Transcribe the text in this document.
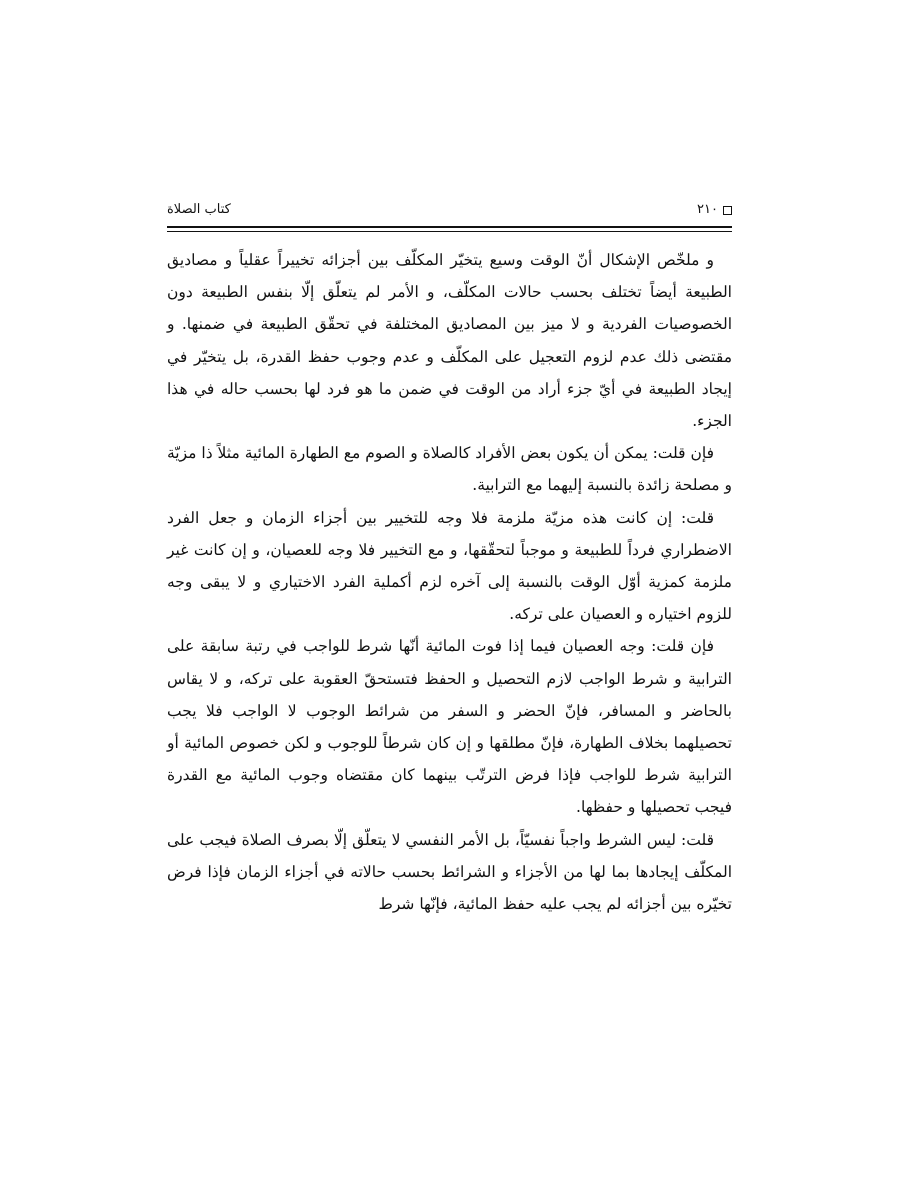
٢١٠
كتاب الصلاة

و ملخّص الإشكال أنّ الوقت وسيع يتخيّر المكلّف بين أجزائه تخييراً عقلياً و مصاديق الطبيعة أيضاً تختلف بحسب حالات المكلّف، و الأمر لم يتعلّق إلّا بنفس الطبيعة دون الخصوصيات الفردية و لا ميز بين المصاديق المختلفة في تحقّق الطبيعة في ضمنها. و مقتضى ذلك عدم لزوم التعجيل على المكلّف و عدم وجوب حفظ القدرة، بل يتخيّر في إيجاد الطبيعة في أيّ جزء أراد من الوقت في ضمن ما هو فرد لها بحسب حاله في هذا الجزء.

فإن قلت: يمكن أن يكون بعض الأفراد كالصلاة و الصوم مع الطهارة المائية مثلاً ذا مزيّة و مصلحة زائدة بالنسبة إليهما مع الترابية.

قلت: إن كانت هذه مزيّة ملزمة فلا وجه للتخيير بين أجزاء الزمان و جعل الفرد الاضطراري فرداً للطبيعة و موجباً لتحقّقها، و مع التخيير فلا وجه للعصيان، و إن كانت غير ملزمة كمزية أوّل الوقت بالنسبة إلى آخره لزم أكملية الفرد الاختياري و لا يبقى وجه للزوم اختياره و العصيان على تركه.

فإن قلت: وجه العصيان فيما إذا فوت المائية أنّها شرط للواجب في رتبة سابقة على الترابية و شرط الواجب لازم التحصيل و الحفظ فتستحقّ العقوبة على تركه، و لا يقاس بالحاضر و المسافر، فإنّ الحضر و السفر من شرائط الوجوب لا الواجب فلا يجب تحصيلهما بخلاف الطهارة، فإنّ مطلقها و إن كان شرطاً للوجوب و لكن خصوص المائية أو الترابية شرط للواجب فإذا فرض الترتّب بينهما كان مقتضاه وجوب المائية مع القدرة فيجب تحصيلها و حفظها.

قلت: ليس الشرط واجباً نفسيّاً، بل الأمر النفسي لا يتعلّق إلّا بصرف الصلاة فيجب على المكلّف إيجادها بما لها من الأجزاء و الشرائط بحسب حالاته في أجزاء الزمان فإذا فرض تخيّره بين أجزائه لم يجب عليه حفظ المائية، فإنّها شرط
